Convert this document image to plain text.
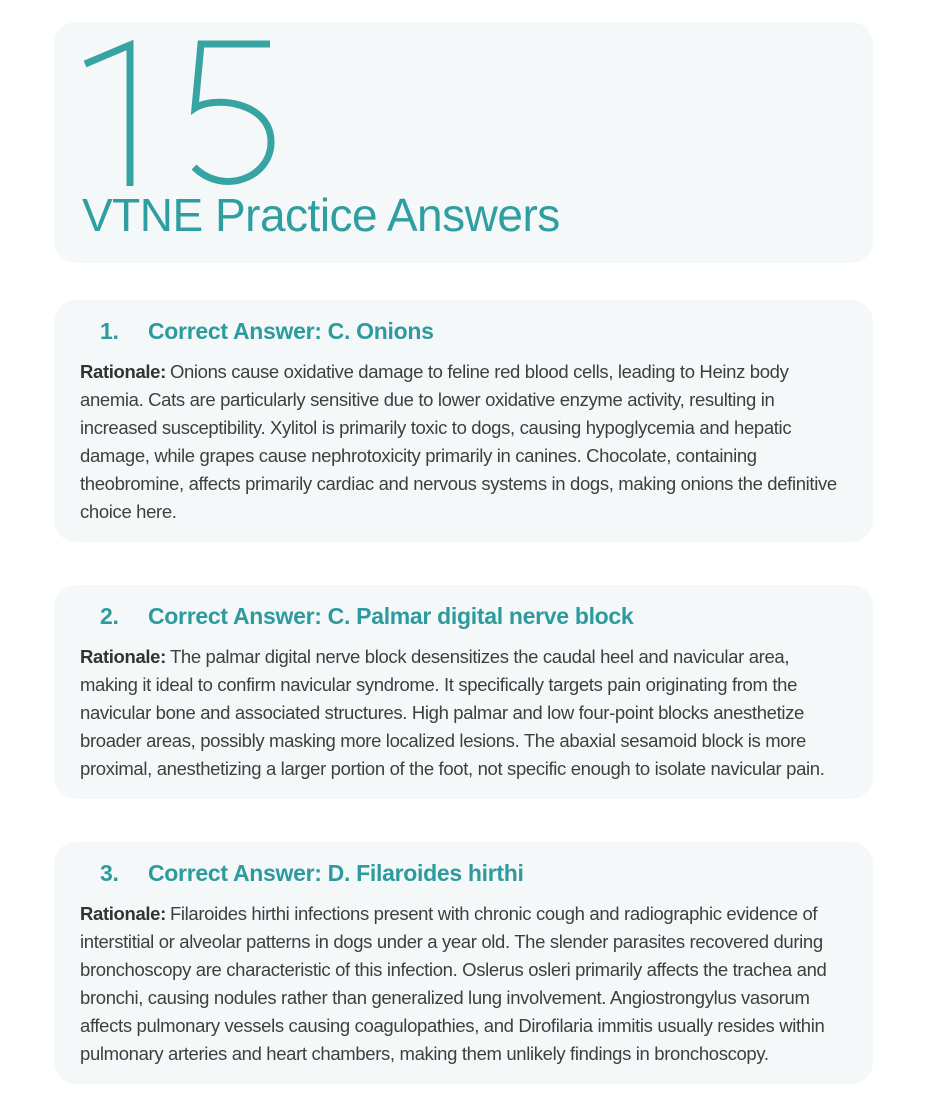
VTNE Practice Answers
1.	Correct Answer: C. Onions

Rationale: Onions cause oxidative damage to feline red blood cells, leading to Heinz body anemia. Cats are particularly sensitive due to lower oxidative enzyme activity, resulting in increased susceptibility. Xylitol is primarily toxic to dogs, causing hypoglycemia and hepatic damage, while grapes cause nephrotoxicity primarily in canines. Chocolate, containing theobromine, affects primarily cardiac and nervous systems in dogs, making onions the definitive choice here.

2.	Correct Answer: C. Palmar digital nerve block

Rationale: The palmar digital nerve block desensitizes the caudal heel and navicular area, making it ideal to confirm navicular syndrome. It specifically targets pain originating from the navicular bone and associated structures. High palmar and low four-point blocks anesthetize broader areas, possibly masking more localized lesions. The abaxial sesamoid block is more proximal, anesthetizing a larger portion of the foot, not specific enough to isolate navicular pain.

3.	Correct Answer: D. Filaroides hirthi

Rationale: Filaroides hirthi infections present with chronic cough and radiographic evidence of interstitial or alveolar patterns in dogs under a year old. The slender parasites recovered during bronchoscopy are characteristic of this infection. Oslerus osleri primarily affects the trachea and bronchi, causing nodules rather than generalized lung involvement. Angiostrongylus vasorum affects pulmonary vessels causing coagulopathies, and Dirofilaria immitis usually resides within pulmonary arteries and heart chambers, making them unlikely findings in bronchoscopy.
